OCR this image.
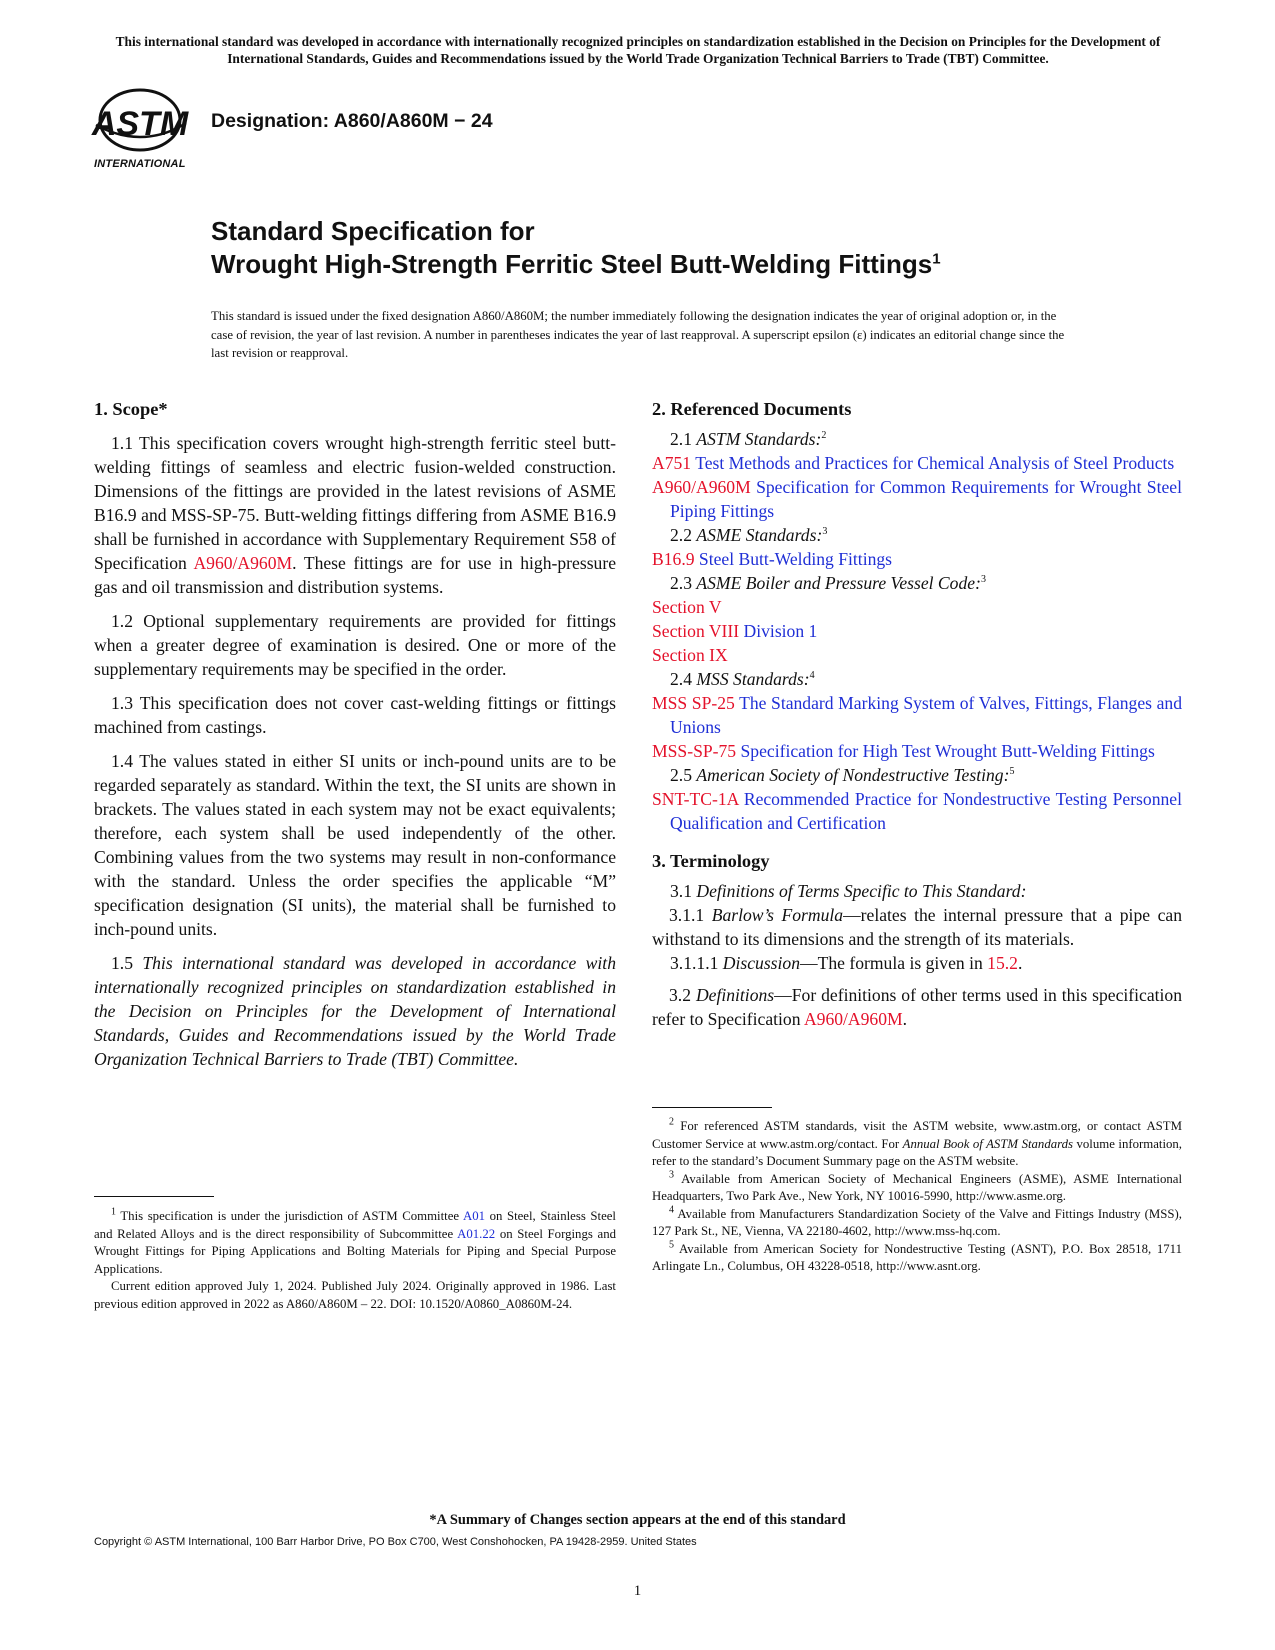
This international standard was developed in accordance with internationally recognized principles on standardization established in the Decision on Principles for the Development of International Standards, Guides and Recommendations issued by the World Trade Organization Technical Barriers to Trade (TBT) Committee.
ASTM
INTERNATIONAL
Designation: A860/A860M − 24
Standard Specification for
Wrought High-Strength Ferritic Steel Butt-Welding Fittings$^1$
This standard is issued under the fixed designation A860/A860M; the number immediately following the designation indicates the year of original adoption or, in the case of revision, the year of last revision. A number in parentheses indicates the year of last reapproval. A superscript epsilon (ε) indicates an editorial change since the last revision or reapproval.
1. Scope*

1.1 This specification covers wrought high-strength ferritic steel butt-welding fittings of seamless and electric fusion-welded construction. Dimensions of the fittings are provided in the latest revisions of ASME B16.9 and MSS-SP-75. Butt-welding fittings differing from ASME B16.9 shall be furnished in accordance with Supplementary Requirement S58 of Specification A960/A960M. These fittings are for use in high-pressure gas and oil transmission and distribution systems.

1.2 Optional supplementary requirements are provided for fittings when a greater degree of examination is desired. One or more of the supplementary requirements may be specified in the order.

1.3 This specification does not cover cast-welding fittings or fittings machined from castings.

1.4 The values stated in either SI units or inch-pound units are to be regarded separately as standard. Within the text, the SI units are shown in brackets. The values stated in each system may not be exact equivalents; therefore, each system shall be used independently of the other. Combining values from the two systems may result in non-conformance with the standard. Unless the order specifies the applicable “M” specification designation (SI units), the material shall be furnished to inch-pound units.

1.5 This international standard was developed in accordance with internationally recognized principles on standardization established in the Decision on Principles for the Development of International Standards, Guides and Recommendations issued by the World Trade Organization Technical Barriers to Trade (TBT) Committee.

$^1$ This specification is under the jurisdiction of ASTM Committee A01 on Steel, Stainless Steel and Related Alloys and is the direct responsibility of Subcommittee A01.22 on Steel Forgings and Wrought Fittings for Piping Applications and Bolting Materials for Piping and Special Purpose Applications.

Current edition approved July 1, 2024. Published July 2024. Originally approved in 1986. Last previous edition approved in 2022 as A860/A860M – 22. DOI: 10.1520/A0860_A0860M-24.

2. Referenced Documents

2.1 ASTM Standards:$^2$

A751 Test Methods and Practices for Chemical Analysis of Steel Products

A960/A960M Specification for Common Requirements for Wrought Steel Piping Fittings

2.2 ASME Standards:$^3$

B16.9 Steel Butt-Welding Fittings

2.3 ASME Boiler and Pressure Vessel Code:$^3$

Section V

Section VIII Division 1

Section IX

2.4 MSS Standards:$^4$

MSS SP-25 The Standard Marking System of Valves, Fittings, Flanges and Unions

MSS-SP-75 Specification for High Test Wrought Butt-Welding Fittings

2.5 American Society of Nondestructive Testing:$^5$

SNT-TC-1A Recommended Practice for Nondestructive Testing Personnel Qualification and Certification

3. Terminology

3.1 Definitions of Terms Specific to This Standard:

3.1.1 Barlow’s Formula—relates the internal pressure that a pipe can withstand to its dimensions and the strength of its materials.

3.1.1.1 Discussion—The formula is given in 15.2.

3.2 Definitions—For definitions of other terms used in this specification refer to Specification A960/A960M.

$^2$ For referenced ASTM standards, visit the ASTM website, www.astm.org, or contact ASTM Customer Service at www.astm.org/contact. For Annual Book of ASTM Standards volume information, refer to the standard’s Document Summary page on the ASTM website.

$^3$ Available from American Society of Mechanical Engineers (ASME), ASME International Headquarters, Two Park Ave., New York, NY 10016-5990, http://www.asme.org.

$^4$ Available from Manufacturers Standardization Society of the Valve and Fittings Industry (MSS), 127 Park St., NE, Vienna, VA 22180-4602, http://www.mss-hq.com.

$^5$ Available from American Society for Nondestructive Testing (ASNT), P.O. Box 28518, 1711 Arlingate Ln., Columbus, OH 43228-0518, http://www.asnt.org.

*A Summary of Changes section appears at the end of this standard
Copyright © ASTM International, 100 Barr Harbor Drive, PO Box C700, West Conshohocken, PA 19428-2959. United States
1
